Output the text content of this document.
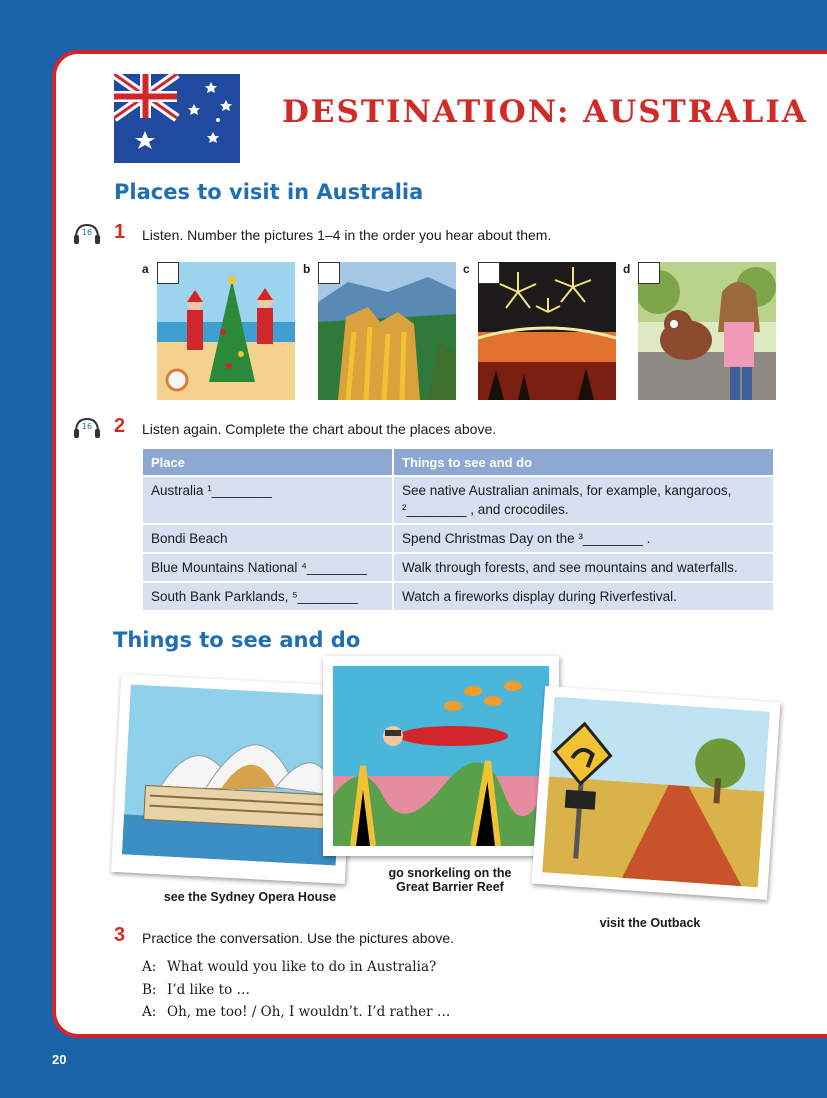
DESTINATION: AUSTRALIA
Places to visit in Australia
16 1 Listen. Number the pictures 1–4 in the order you hear about them.
a	b	c	d
16 2 Listen again. Complete the chart about the places above.
Place	Things to see and do
Australia ¹________	See native Australian animals, for example, kangaroos, ²________ , and crocodiles.
Bondi Beach	Spend Christmas Day on the ³________ .
Blue Mountains National ⁴________	Walk through forests, and see mountains and waterfalls.
South Bank Parklands, ⁵________	Watch a fireworks display during Riverfestival.
Things to see and do
see the Sydney Opera House
go snorkeling on the Great Barrier Reef
visit the Outback
3 Practice the conversation. Use the pictures above.
A: What would you like to do in Australia?
B: I’d like to …
A: Oh, me too! / Oh, I wouldn’t. I’d rather …
20
